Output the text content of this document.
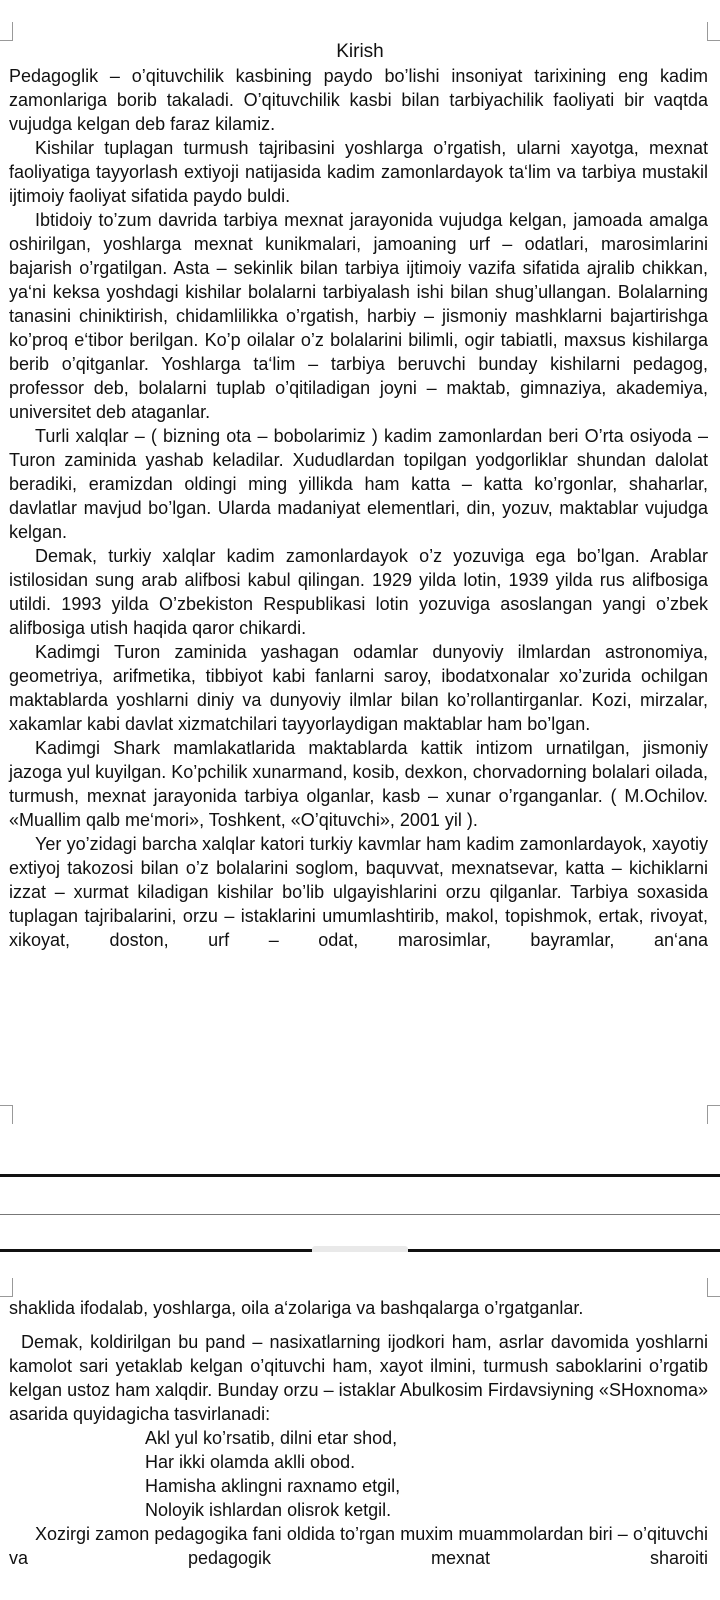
Kirish

Pedagoglik – o’qituvchilik kasbining paydo bo’lishi insoniyat tarixining eng kadim zamonlariga borib takaladi. O’qituvchilik kasbi bilan tarbiyachilik faoliyati bir vaqtda vujudga kelgan deb faraz kilamiz.

Kishilar tuplagan turmush tajribasini yoshlarga o’rgatish, ularni xayotga, mexnat faoliyatiga tayyorlash extiyoji natijasida kadim zamonlardayok ta‘lim va tarbiya mustakil ijtimoiy faoliyat sifatida paydo buldi.

Ibtidoiy to’zum davrida tarbiya mexnat jarayonida vujudga kelgan, jamoada amalga oshirilgan, yoshlarga mexnat kunikmalari, jamoaning urf – odatlari, marosimlarini bajarish o’rgatilgan. Asta – sekinlik bilan tarbiya ijtimoiy vazifa sifatida ajralib chikkan, ya‘ni keksa yoshdagi kishilar bolalarni tarbiyalash ishi bilan shug’ullangan. Bolalarning tanasini chiniktirish, chidamlilikka o’rgatish, harbiy – jismoniy mashklarni bajartirishga ko’proq e‘tibor berilgan. Ko’p oilalar o’z bolalarini bilimli, ogir tabiatli, maxsus kishilarga berib o’qitganlar. Yoshlarga ta‘lim – tarbiya beruvchi bunday kishilarni pedagog, professor deb, bolalarni tuplab o’qitiladigan joyni – maktab, gimnaziya, akademiya, universitet deb ataganlar.

Turli xalqlar – ( bizning ota – bobolarimiz ) kadim zamonlardan beri O’rta osiyoda – Turon zaminida yashab keladilar. Xududlardan topilgan yodgorliklar shundan dalolat beradiki, eramizdan oldingi ming yillikda ham katta – katta ko’rgonlar, shaharlar, davlatlar mavjud bo’lgan. Ularda madaniyat elementlari, din, yozuv, maktablar vujudga kelgan.

Demak, turkiy xalqlar kadim zamonlardayok o’z yozuviga ega bo’lgan. Arablar istilosidan sung arab alifbosi kabul qilingan. 1929 yilda lotin, 1939 yilda rus alifbosiga utildi. 1993 yilda O’zbekiston Respublikasi lotin yozuviga asoslangan yangi o’zbek alifbosiga utish haqida qaror chikardi.

Kadimgi Turon zaminida yashagan odamlar dunyoviy ilmlardan astronomiya, geometriya, arifmetika, tibbiyot kabi fanlarni saroy, ibodatxonalar xo’zurida ochilgan maktablarda yoshlarni diniy va dunyoviy ilmlar bilan ko’rollantirganlar. Kozi, mirzalar, xakamlar kabi davlat xizmatchilari tayyorlaydigan maktablar ham bo’lgan.

Kadimgi Shark mamlakatlarida maktablarda kattik intizom urnatilgan, jismoniy jazoga yul kuyilgan. Ko’pchilik xunarmand, kosib, dexkon, chorvadorning bolalari oilada, turmush, mexnat jarayonida tarbiya olganlar, kasb – xunar o’rganganlar. ( M.Ochilov. «Muallim qalb me‘mori», Toshkent, «O’qituvchi», 2001 yil ).

Yer yo’zidagi barcha xalqlar katori turkiy kavmlar ham kadim zamonlardayok, xayotiy extiyoj takozosi bilan o’z bolalarini soglom, baquvvat, mexnatsevar, katta – kichiklarni izzat – xurmat kiladigan kishilar bo’lib ulgayishlarini orzu qilganlar. Tarbiya soxasida tuplagan tajribalarini, orzu – istaklarini umumlashtirib, makol, topishmok, ertak, rivoyat, xikoyat, doston, urf – odat, marosimlar, bayramlar, an‘ana

shaklida ifodalab, yoshlarga, oila a‘zolariga va bashqalarga o’rgatganlar.

Demak, koldirilgan bu pand – nasixatlarning ijodkori ham, asrlar davomida yoshlarni kamolot sari yetaklab kelgan o’qituvchi ham, xayot ilmini, turmush saboklarini o’rgatib kelgan ustoz ham xalqdir. Bunday orzu – istaklar Abulkosim Firdavsiyning «SHoxnoma» asarida quyidagicha tasvirlanadi:

Akl yul ko’rsatib, dilni etar shod,
Har ikki olamda aklli obod.
Hamisha aklingni raxnamo etgil,
Noloyik ishlardan olisrok ketgil.

Xozirgi zamon pedagogika fani oldida to’rgan muxim muammolardan biri – o’qituvchi va pedagogik mexnat sharoiti
